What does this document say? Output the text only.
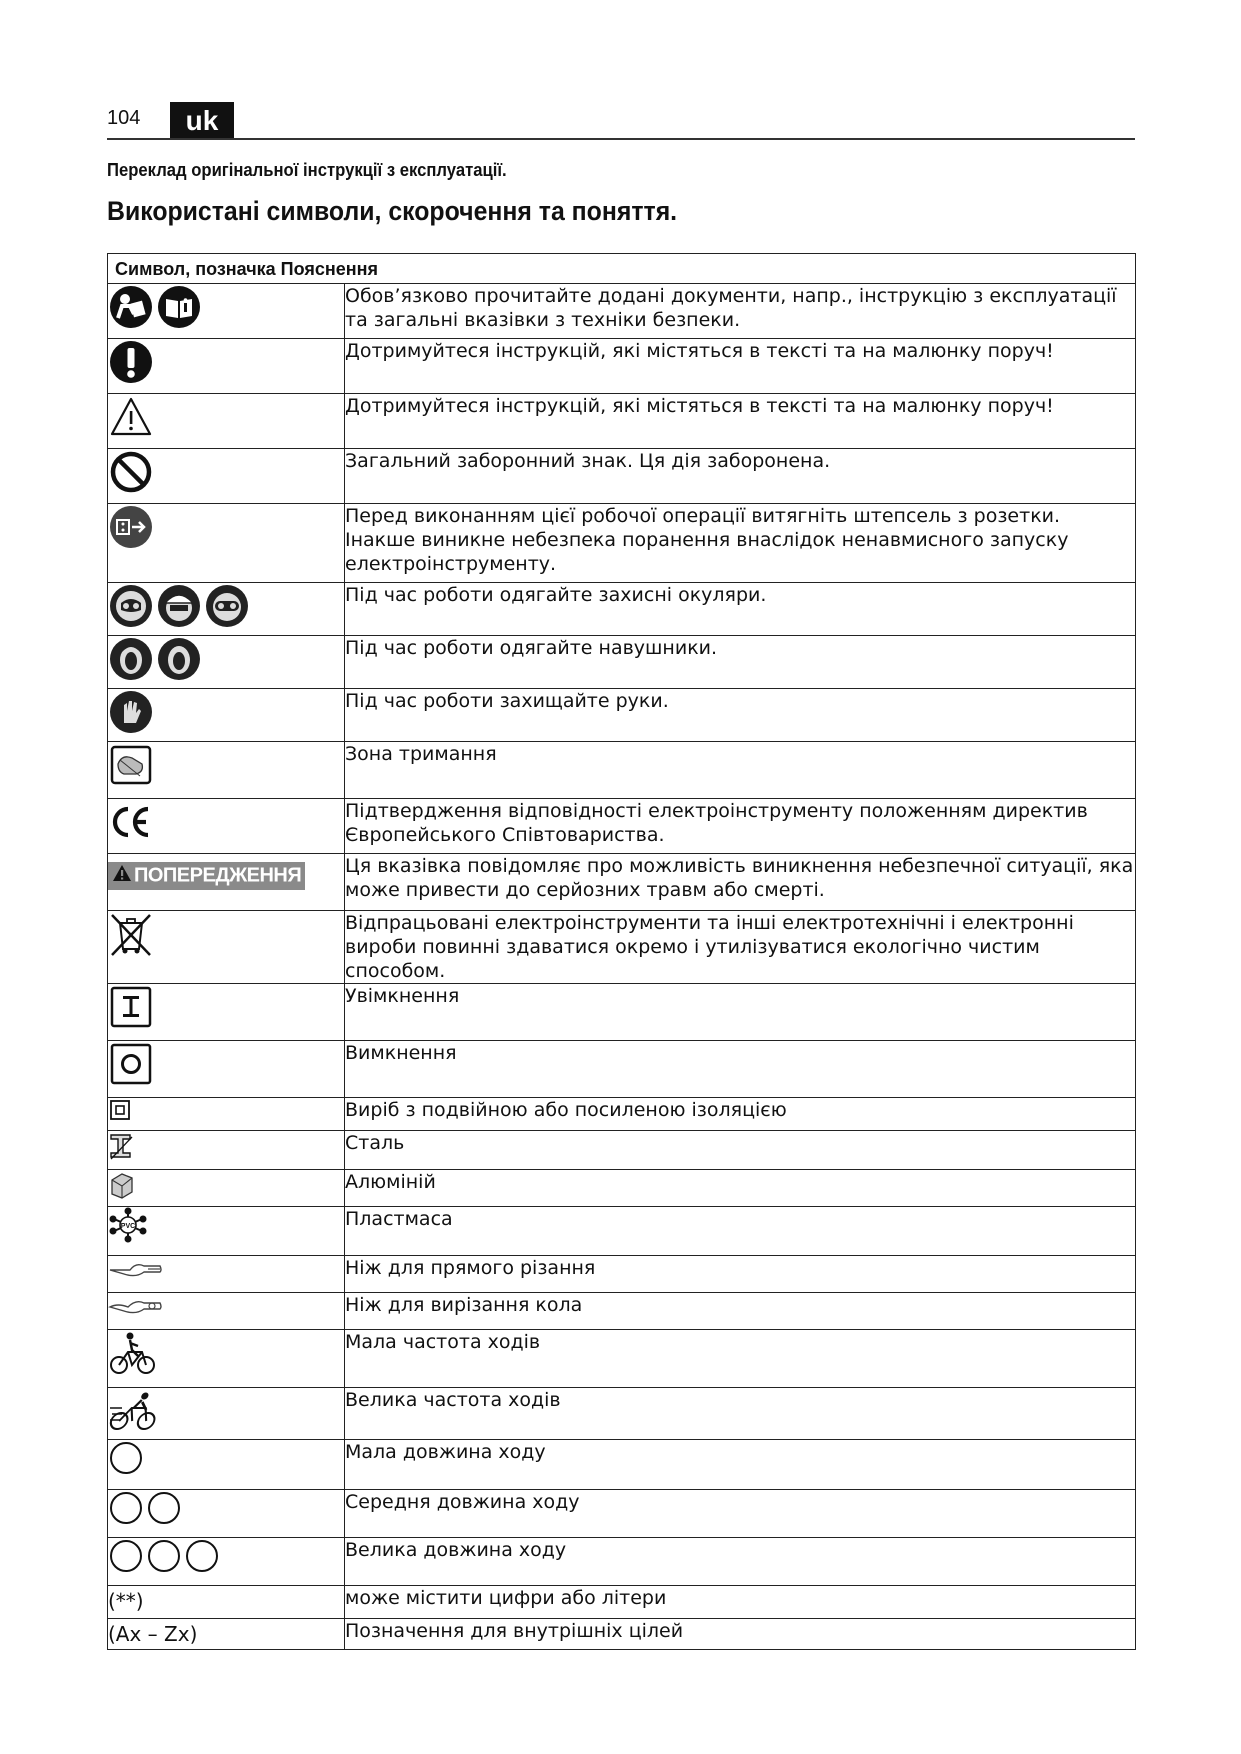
104	uk
Переклад оригінальної інструкції з експлуатації.
Використані символи, скорочення та поняття.
Символ, позначка Пояснення	

	Обов’язково прочитайте додані документи, напр., інструкцію з експлуатації та загальні вказівки з техніки безпеки.

	Дотримуйтеся інструкцій, які містяться в тексті та на малюнку поруч!

	Дотримуйтеся інструкцій, які містяться в тексті та на малюнку поруч!

	Загальний заборонний знак. Ця дія заборонена.

	Перед виконанням цієї робочої операції витягніть штепсель з розетки. Інакше виникне небезпека поранення внаслідок ненавмисного запуску електроінструменту.

	Під час роботи одягайте захисні окуляри.

	Під час роботи одягайте навушники.

	Під час роботи захищайте руки.

	Зона тримання

	Підтвердження відповідності електроінструменту положенням директив Європейського Співтовариства.
ПОПЕРЕДЖЕННЯ	Ця вказівка повідомляє про можливість виникнення небезпечної ситуації, яка може привести до серйозних травм або смерті.

	Відпрацьовані електроінструменти та інші електротехнічні і електронні вироби повинні здаватися окремо і утилізуватися екологічно чистим способом.

	Увімкнення

	Вимкнення

	Виріб з подвійною або посиленою ізоляцією

	Сталь

	Алюміній

PVC	Пластмаса

	Ніж для прямого різання

	Ніж для вирізання кола

	Мала частота ходів

	Велика частота ходів

	Мала довжина ходу

	Середня довжина ходу

	Велика довжина ходу

(**)	може містити цифри або літери

(Ax – Zx)	Позначення для внутрішніх цілей
